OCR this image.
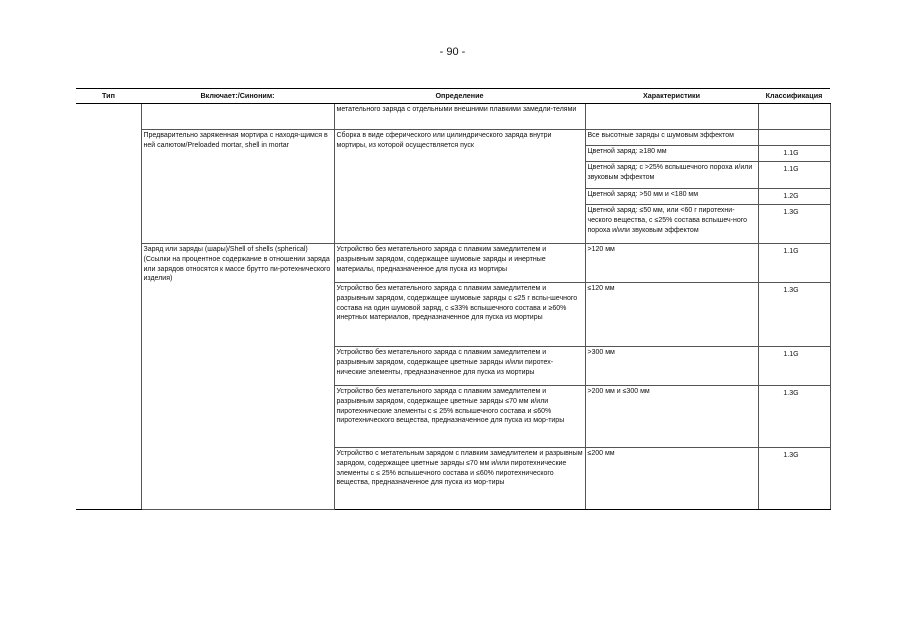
- 90 -
Тип	Включает:/Синоним:	Определение	Характеристики	Классификация
		метательного заряда с отдельными внешними плавкими замедли-телями		
	Предварительно заряженная мортира с находя-щимся в ней салютом/Preloaded mortar, shell in mortar	Сборка в виде сферического или цилиндрического заряда внутри мортиры, из которой осуществляется пуск	Все высотные заряды с шумовым эффектом	
			Цветной заряд: ≥180 мм	1.1G
			Цветной заряд: с >25% вспышечного пороха и/или звуковым эффектом	1.1G
			Цветной заряд: >50 мм и <180 мм	1.2G
			Цветной заряд: ≤50 мм, или <60 г пиротехни-ческого вещества, с ≤25% состава вспышеч-ного пороха и/или звуковым эффектом	1.3G
	Заряд или заряды (шары)/Shell of shells (spherical) (Ссылки на процентное содержание в отношении заряда или зарядов относятся к массе брутто пи-ротехнического изделия)	Устройство без метательного заряда с плавким замедлителем и разрывным зарядом, содержащее шумовые заряды и инертные материалы, предназначенное для пуска из мортиры	>120 мм	1.1G
		Устройство без метательного заряда с плавким замедлителем и разрывным зарядом, содержащее шумовые заряды с ≤25 г вспы-шечного состава на один шумовой заряд, с ≤33% вспышечного состава и ≥60% инертных материалов, предназначенное для пуска из мортиры	≤120 мм	1.3G
		Устройство без метательного заряда с плавким замедлителем и разрывным зарядом, содержащее цветные заряды и/или пиротех-нические элементы, предназначенное для пуска из мортиры	>300 мм	1.1G
		Устройство без метательного заряда с плавким замедлителем и разрывным зарядом, содержащее цветные заряды ≤70 мм и/или пиротехнические элементы с ≤ 25% вспышечного состава и ≤60% пиротехнического вещества, предназначенное для пуска из мор-тиры	>200 мм и ≤300 мм	1.3G
		Устройство с метательным зарядом с плавким замедлителем и разрывным зарядом, содержащее цветные заряды ≤70 мм и/или пиротехнические элементы с ≤ 25% вспышечного состава и ≤60% пиротехнического вещества, предназначенное для пуска из мор-тиры	≤200 мм	1.3G
